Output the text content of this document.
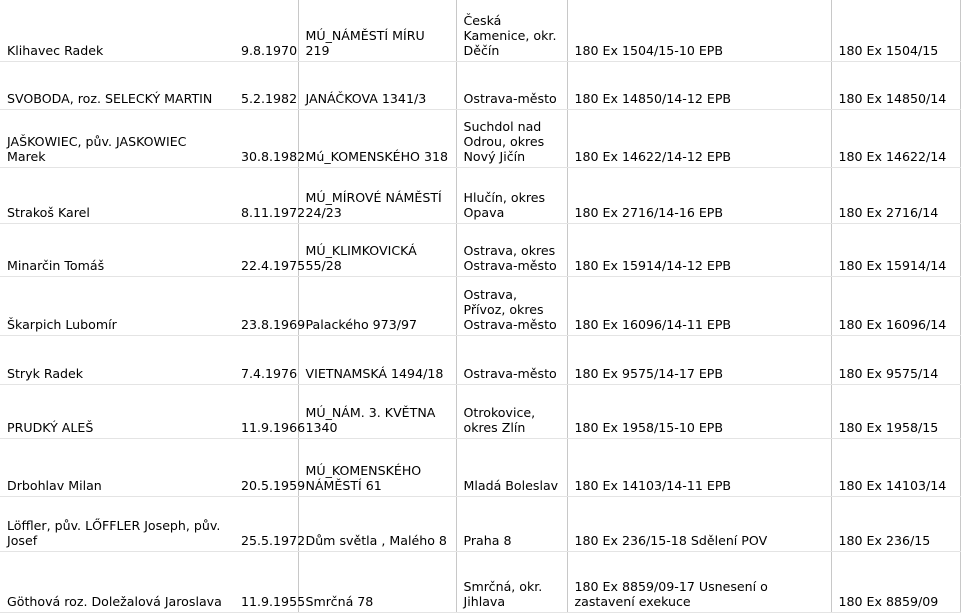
Klihavec Radek	9.8.1970	MÚ_NÁMĚSTÍ MÍRU 219	Česká Kamenice, okr. Děčín	180 Ex 1504/15-10 EPB	180 Ex 1504/15
SVOBODA, roz. SELECKÝ MARTIN	5.2.1982	JANÁČKOVA 1341/3	Ostrava-město	180 Ex 14850/14-12 EPB	180 Ex 14850/14
JAŠKOWIEC, pův. JASKOWIEC Marek	30.8.1982	Mú_KOMENSKÉHO 318	Suchdol nad Odrou, okres Nový Jičín	180 Ex 14622/14-12 EPB	180 Ex 14622/14
Strakoš Karel	8.11.1972	MÚ_MÍROVÉ NÁMĚSTÍ 24/23	Hlučín, okres Opava	180 Ex 2716/14-16 EPB	180 Ex 2716/14
Minarčin Tomáš	22.4.1975	MÚ_KLIMKOVICKÁ 55/28	Ostrava, okres Ostrava-město	180 Ex 15914/14-12 EPB	180 Ex 15914/14
Škarpich Lubomír	23.8.1969	Palackého 973/97	Ostrava, Přívoz, okres Ostrava-město	180 Ex 16096/14-11 EPB	180 Ex 16096/14
Stryk Radek	7.4.1976	VIETNAMSKÁ 1494/18	Ostrava-město	180 Ex 9575/14-17 EPB	180 Ex 9575/14
PRUDKÝ ALEŠ	11.9.1966	MÚ_NÁM. 3. KVĚTNA 1340	Otrokovice, okres Zlín	180 Ex 1958/15-10 EPB	180 Ex 1958/15
Drbohlav Milan	20.5.1959	MÚ_KOMENSKÉHO NÁMĚSTÍ 61	Mladá Boleslav	180 Ex 14103/14-11 EPB	180 Ex 14103/14
Löffler, pův. LŐFFLER Joseph, pův. Josef	25.5.1972	Dům světla , Malého 8	Praha 8	180 Ex 236/15-18 Sdělení POV	180 Ex 236/15
Göthová roz. Doležalová Jaroslava	11.9.1955	Smrčná 78	Smrčná, okr. Jihlava	180 Ex 8859/09-17 Usnesení o zastavení exekuce	180 Ex 8859/09
